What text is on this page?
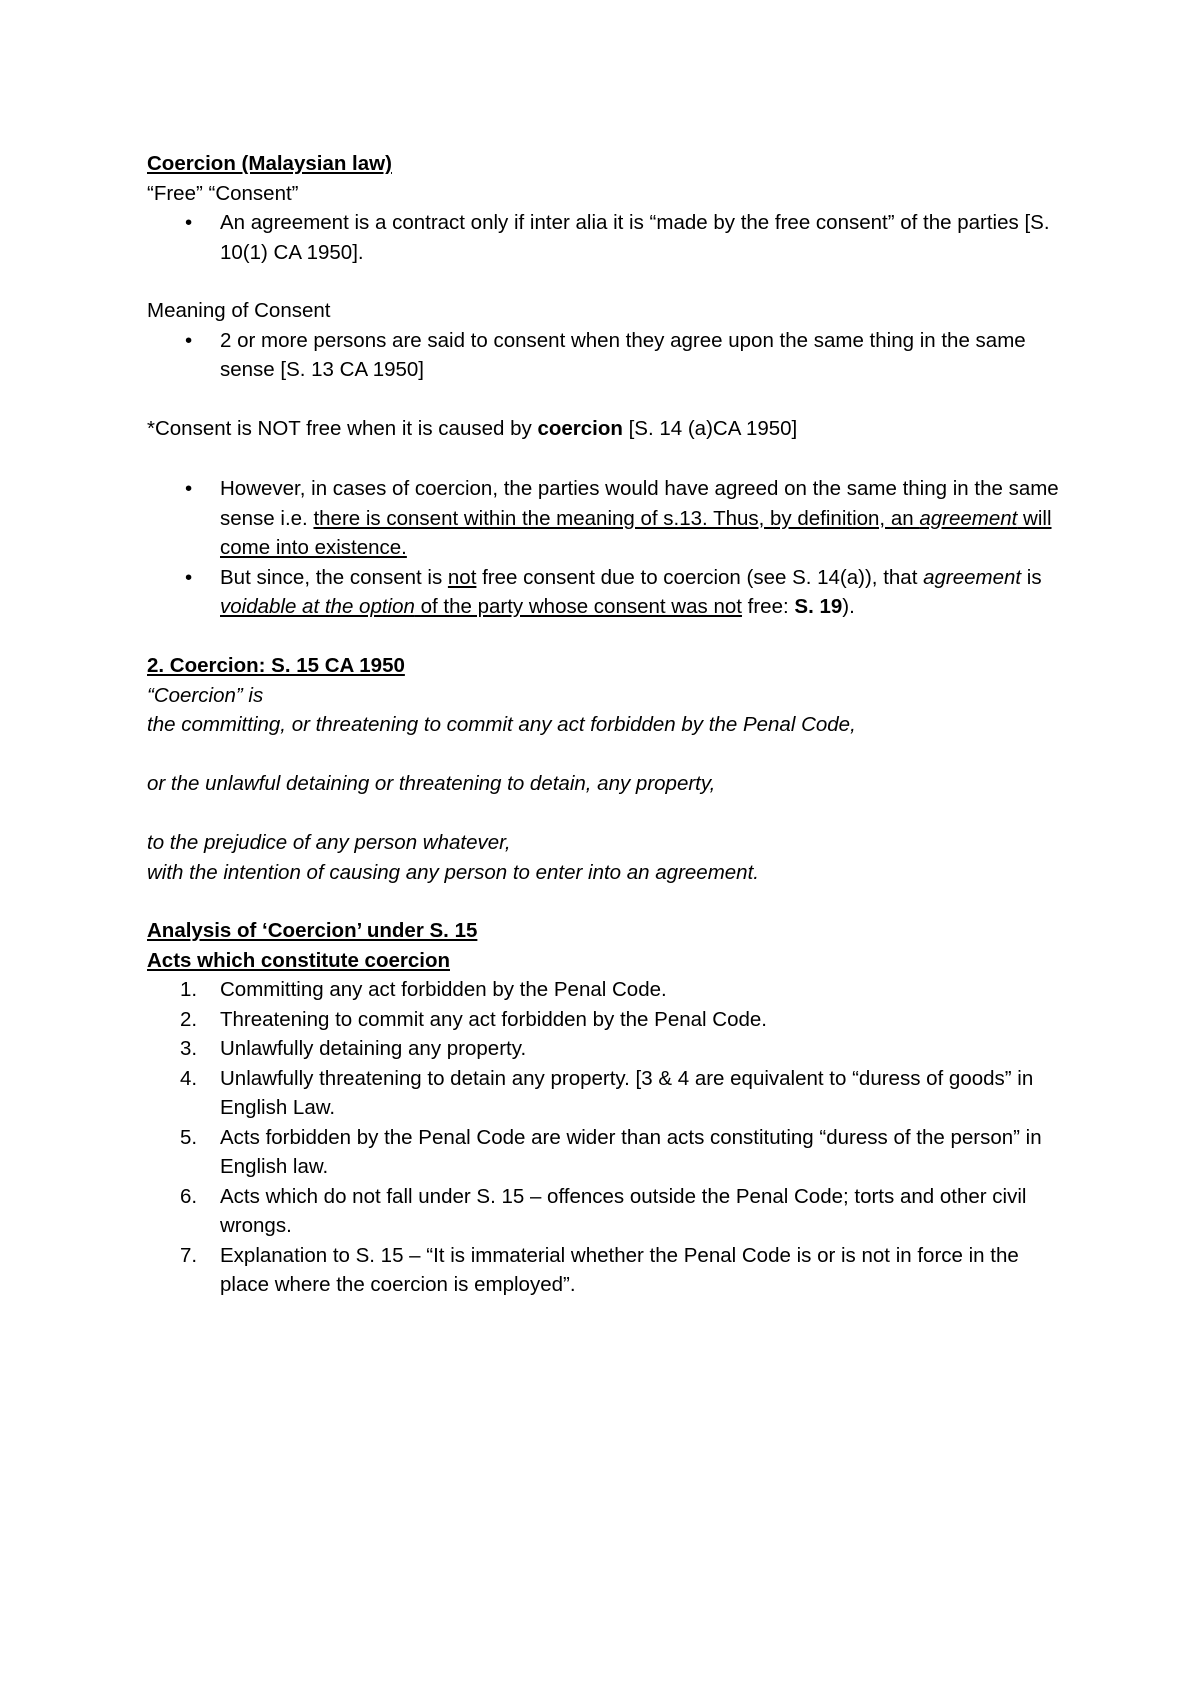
Coercion (Malaysian law)
“Free” “Consent”
• An agreement is a contract only if inter alia it is “made by the free consent” of the parties [S. 10(1) CA 1950].
Meaning of Consent
• 2 or more persons are said to consent when they agree upon the same thing in the same sense [S. 13 CA 1950]
*Consent is NOT free when it is caused by coercion [S. 14 (a)CA 1950]
• However, in cases of coercion, the parties would have agreed on the same thing in the same sense i.e. there is consent within the meaning of s.13. Thus, by definition, an agreement will come into existence.
• But since, the consent is not free consent due to coercion (see S. 14(a)), that agreement is voidable at the option of the party whose consent was not free: S. 19).
2. Coercion: S. 15 CA 1950
“Coercion” is
the committing, or threatening to commit any act forbidden by the Penal Code,
or the unlawful detaining or threatening to detain, any property,
to the prejudice of any person whatever,
with the intention of causing any person to enter into an agreement.
Analysis of ‘Coercion’ under S. 15
Acts which constitute coercion
1. Committing any act forbidden by the Penal Code.
2. Threatening to commit any act forbidden by the Penal Code.
3. Unlawfully detaining any property.
4. Unlawfully threatening to detain any property. [3 & 4 are equivalent to “duress of goods” in English Law.
5. Acts forbidden by the Penal Code are wider than acts constituting “duress of the person” in English law.
6. Acts which do not fall under S. 15 – offences outside the Penal Code; torts and other civil wrongs.
7. Explanation to S. 15 – “It is immaterial whether the Penal Code is or is not in force in the place where the coercion is employed”.
